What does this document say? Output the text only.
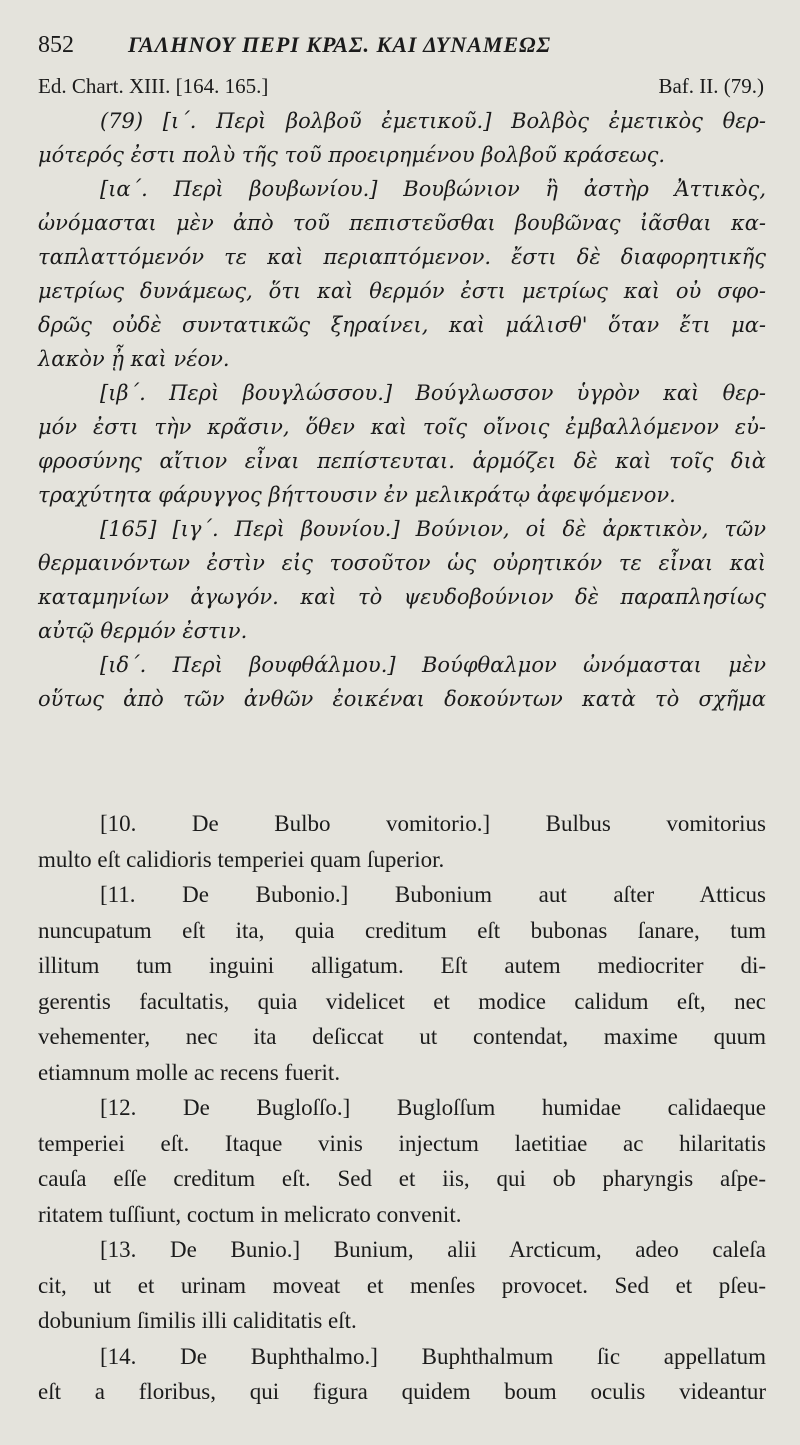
852 ΓΑΛΗΝΟΥ ΠΕΡΙ ΚΡΑΣ. ΚΑΙ ΔΥΝΑΜΕΩΣ
Ed. Chart. XIII. [164. 165.]	Baf. II. (79.)

(79) [ι΄. Περὶ βολβοῦ ἐμετικοῦ.] Βολβὸς ἐμετικὸς θερ-
μότερός ἐστι πολὺ τῆς τοῦ προειρημένου βολβοῦ κράσεως.

[ια΄. Περὶ βουβωνίου.] Βουβώνιον ἢ ἀστὴρ Ἀττικὸς,
ὠνόμασται μὲν ἀπὸ τοῦ πεπιστεῦσθαι βουβῶνας ἰᾶσθαι κα-
ταπλαττόμενόν τε καὶ περιαπτόμενον. ἔστι δὲ διαφορητικῆς
μετρίως δυνάμεως, ὅτι καὶ θερμόν ἐστι μετρίως καὶ οὐ σφο-
δρῶς οὐδὲ συντατικῶς ξηραίνει, καὶ μάλισθ' ὅταν ἔτι μα-
λακὸν ᾖ καὶ νέον.

[ιβ΄. Περὶ βουγλώσσου.] Βούγλωσσον ὑγρὸν καὶ θερ-
μόν ἐστι τὴν κρᾶσιν, ὅθεν καὶ τοῖς οἴνοις ἐμβαλλόμενον εὐ-
φροσύνης αἴτιον εἶναι πεπίστευται. ἁρμόζει δὲ καὶ τοῖς διὰ
τραχύτητα φάρυγγος βήττουσιν ἐν μελικράτῳ ἀφεψόμενον.

[165] [ιγ΄. Περὶ βουνίου.] Βούνιον, οἱ δὲ ἀρκτικὸν, τῶν
θερμαινόντων ἐστὶν εἰς τοσοῦτον ὡς οὐρητικόν τε εἶναι καὶ
καταμηνίων ἀγωγόν. καὶ τὸ ψευδοβούνιον δὲ παραπλησίως
αὐτῷ θερμόν ἐστιν.

[ιδ΄. Περὶ βουφθάλμου.] Βούφθαλμον ὠνόμασται μὲν
οὕτως ἀπὸ τῶν ἀνθῶν ἐοικέναι δοκούντων κατὰ τὸ σχῆμα

[10. De Bulbo vomitorio.] Bulbus vomitorius
multo eſt calidioris temperiei quam ſuperior.

[11. De Bubonio.] Bubonium aut aſter Atticus
nuncupatum eſt ita, quia creditum eſt bubonas ſanare, tum
illitum tum inguini alligatum. Eſt autem mediocriter di-
gerentis facultatis, quia videlicet et modice calidum eſt, nec
vehementer, nec ita deſiccat ut contendat, maxime quum
etiamnum molle ac recens fuerit.

[12. De Bugloſſo.] Bugloſſum humidae calidaeque
temperiei eſt. Itaque vinis injectum laetitiae ac hilaritatis
cauſa eſſe creditum eſt. Sed et iis, qui ob pharyngis aſpe-
ritatem tuſſiunt, coctum in melicrato convenit.

[13. De Bunio.] Bunium, alii Arcticum, adeo caleſa
cit, ut et urinam moveat et menſes provocet. Sed et pſeu-
dobunium ſimilis illi caliditatis eſt.

[14. De Buphthalmo.] Buphthalmum ſic appellatum
eſt a floribus, qui figura quidem boum oculis videantur
